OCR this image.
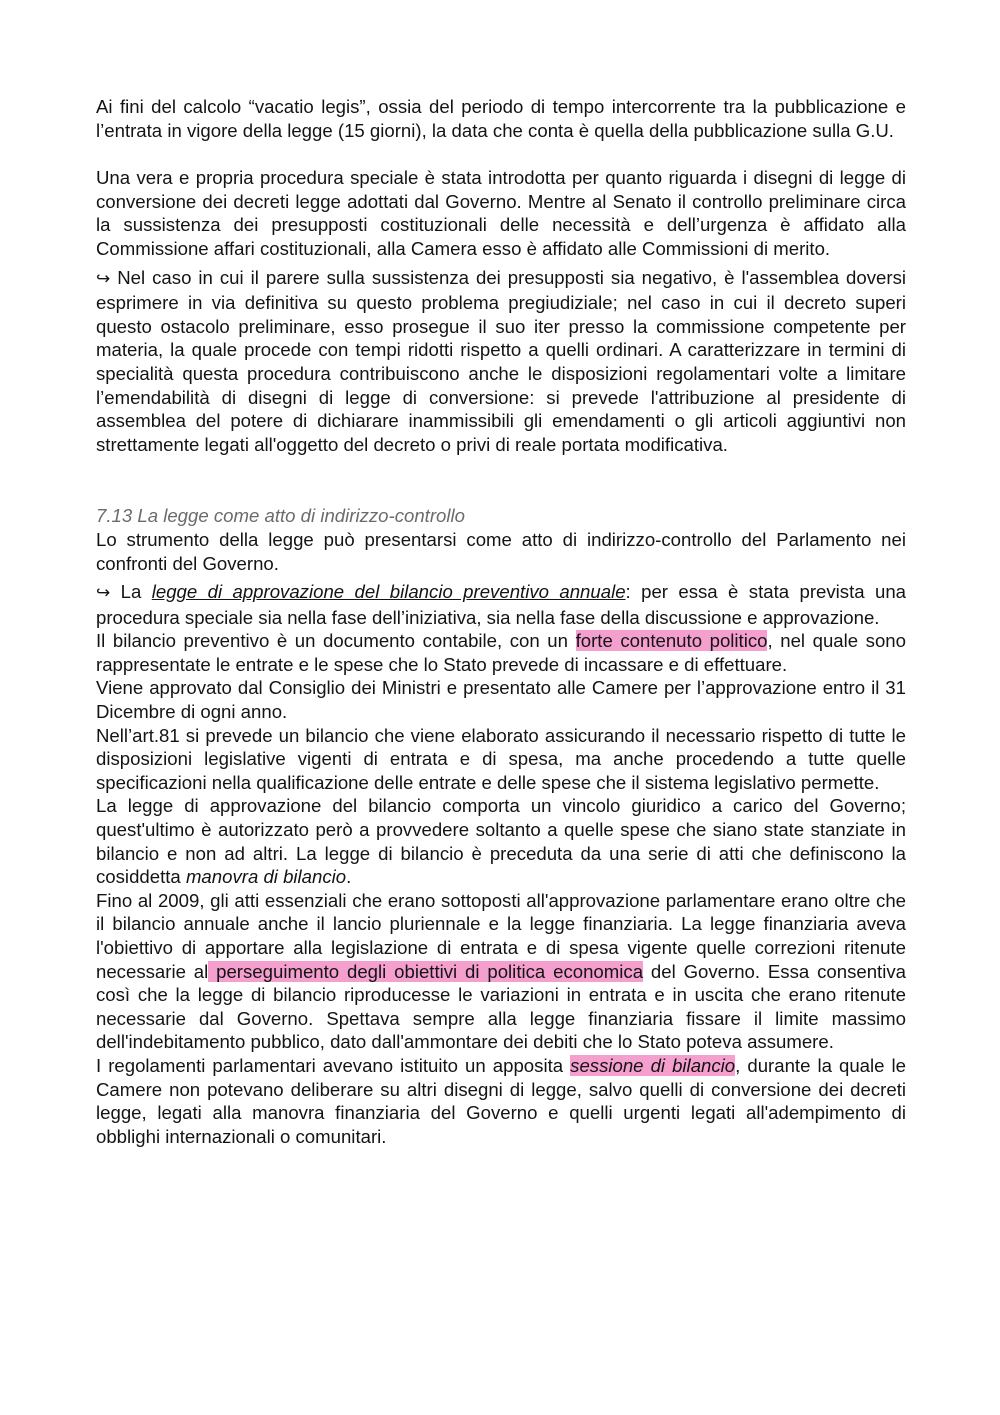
Ai fini del calcolo “vacatio legis”, ossia del periodo di tempo intercorrente tra la pubblicazione e l’entrata in vigore della legge (15 giorni), la data che conta è quella della pubblicazione sulla G.U.

Una vera e propria procedura speciale è stata introdotta per quanto riguarda i disegni di legge di conversione dei decreti legge adottati dal Governo. Mentre al Senato il controllo preliminare circa la sussistenza dei presupposti costituzionali delle necessità e dell’urgenza è affidato alla Commissione affari costituzionali, alla Camera esso è affidato alle Commissioni di merito.

↪ Nel caso in cui il parere sulla sussistenza dei presupposti sia negativo, è l'assemblea doversi esprimere in via definitiva su questo problema pregiudiziale; nel caso in cui il decreto superi questo ostacolo preliminare, esso prosegue il suo iter presso la commissione competente per materia, la quale procede con tempi ridotti rispetto a quelli ordinari. A caratterizzare in termini di specialità questa procedura contribuiscono anche le disposizioni regolamentari volte a limitare l’emendabilità di disegni di legge di conversione: si prevede l'attribuzione al presidente di assemblea del potere di dichiarare inammissibili gli emendamenti o gli articoli aggiuntivi non strettamente legati all'oggetto del decreto o privi di reale portata modificativa.

7.13 La legge come atto di indirizzo-controllo

Lo strumento della legge può presentarsi come atto di indirizzo-controllo del Parlamento nei confronti del Governo.

↪ La legge di approvazione del bilancio preventivo annuale: per essa è stata prevista una procedura speciale sia nella fase dell’iniziativa, sia nella fase della discussione e approvazione.

Il bilancio preventivo è un documento contabile, con un forte contenuto politico, nel quale sono rappresentate le entrate e le spese che lo Stato prevede di incassare e di effettuare.

Viene approvato dal Consiglio dei Ministri e presentato alle Camere per l’approvazione entro il 31 Dicembre di ogni anno.

Nell’art.81 si prevede un bilancio che viene elaborato assicurando il necessario rispetto di tutte le disposizioni legislative vigenti di entrata e di spesa, ma anche procedendo a tutte quelle specificazioni nella qualificazione delle entrate e delle spese che il sistema legislativo permette.

La legge di approvazione del bilancio comporta un vincolo giuridico a carico del Governo; quest'ultimo è autorizzato però a provvedere soltanto a quelle spese che siano state stanziate in bilancio e non ad altri. La legge di bilancio è preceduta da una serie di atti che definiscono la cosiddetta manovra di bilancio.

Fino al 2009, gli atti essenziali che erano sottoposti all'approvazione parlamentare erano oltre che il bilancio annuale anche il lancio pluriennale e la legge finanziaria. La legge finanziaria aveva l'obiettivo di apportare alla legislazione di entrata e di spesa vigente quelle correzioni ritenute necessarie al perseguimento degli obiettivi di politica economica del Governo. Essa consentiva così che la legge di bilancio riproducesse le variazioni in entrata e in uscita che erano ritenute necessarie dal Governo. Spettava sempre alla legge finanziaria fissare il limite massimo dell'indebitamento pubblico, dato dall'ammontare dei debiti che lo Stato poteva assumere.

I regolamenti parlamentari avevano istituito un apposita sessione di bilancio, durante la quale le Camere non potevano deliberare su altri disegni di legge, salvo quelli di conversione dei decreti legge, legati alla manovra finanziaria del Governo e quelli urgenti legati all'adempimento di obblighi internazionali o comunitari.
